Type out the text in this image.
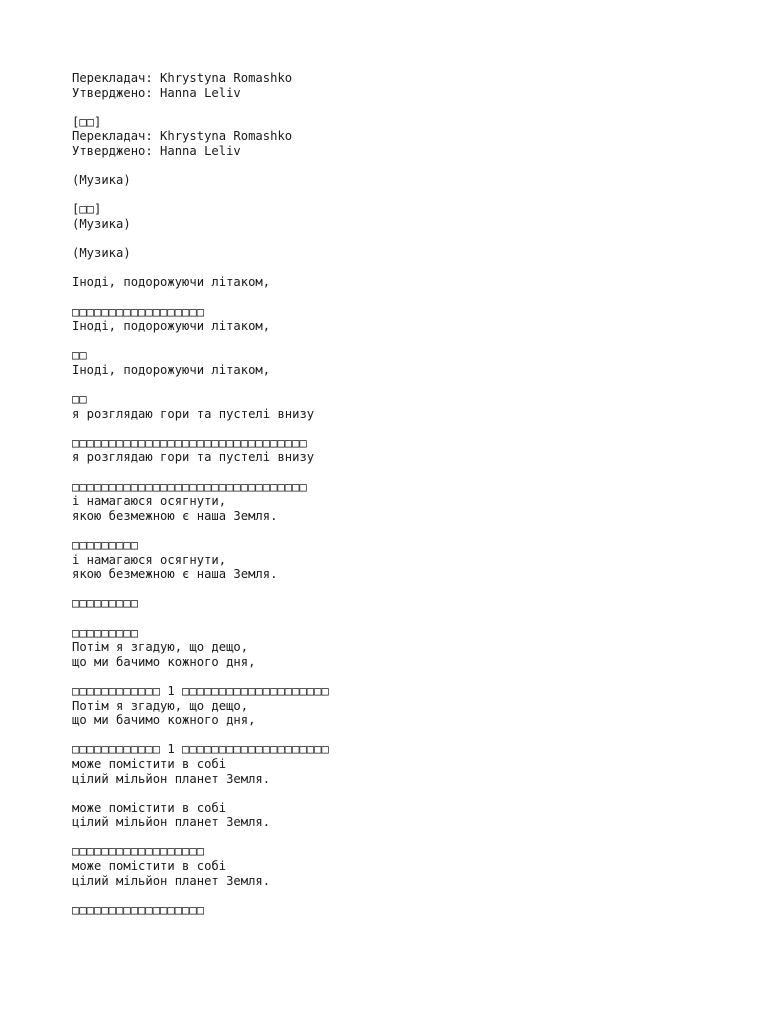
Перекладач: Khrystyna Romashko
Утверджено: Hanna Leliv
[□□]
Перекладач: Khrystyna Romashko
Утверджено: Hanna Leliv
(Музика)
[□□]
(Музика)
(Музика)
Іноді, подорожуючи літаком,
□□□□□□□□□□□□□□□□□□
Іноді, подорожуючи літаком,
□□
Іноді, подорожуючи літаком,
□□
я розглядаю гори та пустелі внизу
□□□□□□□□□□□□□□□□□□□□□□□□□□□□□□□□
я розглядаю гори та пустелі внизу
□□□□□□□□□□□□□□□□□□□□□□□□□□□□□□□□
і намагаюся осягнути,
якою безмежною є наша Земля.
□□□□□□□□□
і намагаюся осягнути,
якою безмежною є наша Земля.
□□□□□□□□□
□□□□□□□□□
Потім я згадую, що дещо,
що ми бачимо кожного дня,
□□□□□□□□□□□□ 1 □□□□□□□□□□□□□□□□□□□□
Потім я згадую, що дещо,
що ми бачимо кожного дня,
□□□□□□□□□□□□ 1 □□□□□□□□□□□□□□□□□□□□
може помістити в собі
цілий мільйон планет Земля.
може помістити в собі
цілий мільйон планет Земля.
□□□□□□□□□□□□□□□□□□
може помістити в собі
цілий мільйон планет Земля.
□□□□□□□□□□□□□□□□□□
